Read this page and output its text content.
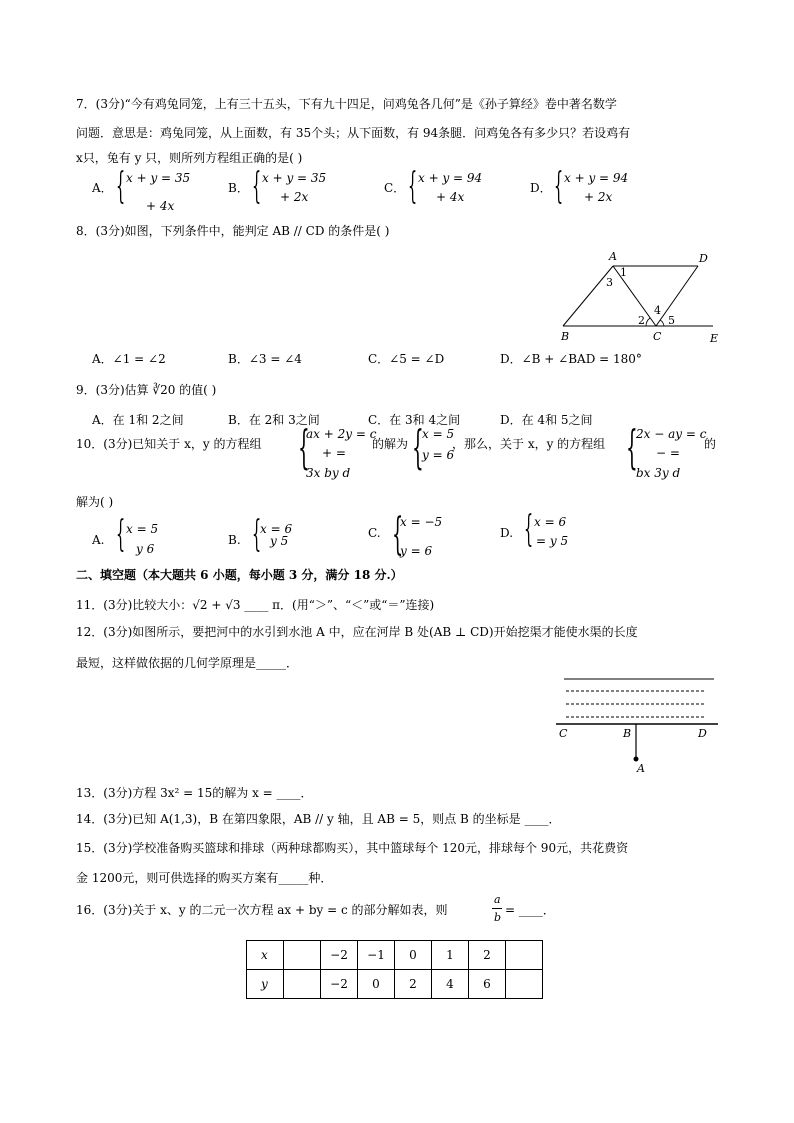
7．(3分)“今有鸡兔同笼，上有三十五头，下有九十四足，问鸡兔各几何”是《孙子算经》卷中著名数学
问题．意思是：鸡兔同笼，从上面数，有 35个头；从下面数，有 94条腿．问鸡兔各有多少只？若设鸡有
x只，兔有 y 只，则所列方程组正确的是( )
A． { x + y = 35
+ 4x
B． { x + y = 35
+ 2x
C． { x + y = 94
+ 4x
D． { x + y = 94
+ 2x
8．(3分)如图，下列条件中，能判定 AB // CD 的条件是( )
A	D
B	C	E
1
3
4
2 5
A．∠1 = ∠2	B．∠3 = ∠4	C．∠5 = ∠D	D．∠B + ∠BAD = 180°
9．(3分)估算 ∛20 的值( )
A．在 1和 2之间	B．在 2和 3之间	C．在 3和 4之间	D．在 4和 5之间
10．(3分)已知关于 x，y 的方程组 {
ax + 2y = c
+ =
3x by d
的解为 {
x = 5
y = 6
，那么，关于 x，y 的方程组 {
2x − ay = c
− =
bx 3y d
的
解为( )
A. { x = 5
y 6
B. {
x = 6
y 5
C. {
x = −5
y = 6
D. { x = 6
= y 5
二、填空题（本大题共 6 小题，每小题 3 分，满分 18 分.）
11．(3分)比较大小：√2 + √3 ____ π．(用“＞”、“＜”或“＝”连接)
12．(3分)如图所示，要把河中的水引到水池 A 中，应在河岸 B 处(AB ⊥ CD)开始挖渠才能使水渠的长度
最短，这样做依据的几何学原理是_____．
C	B	D
A
13．(3分)方程 3x² = 15的解为 x = ____．
14．(3分)已知 A(1,3)，B 在第四象限，AB // y 轴，且 AB = 5，则点 B 的坐标是 ____．
15．(3分)学校准备购买篮球和排球（两种球都购买），其中篮球每个 120元，排球每个 90元，共花费资
金 1200元，则可供选择的购买方案有_____种．
16．(3分)关于 x、y 的二元一次方程 ax + by = c 的部分解如表，则
a
b
= ____．
x		−2	−1	0	1	2	
y		−2	0	2	4	6	
